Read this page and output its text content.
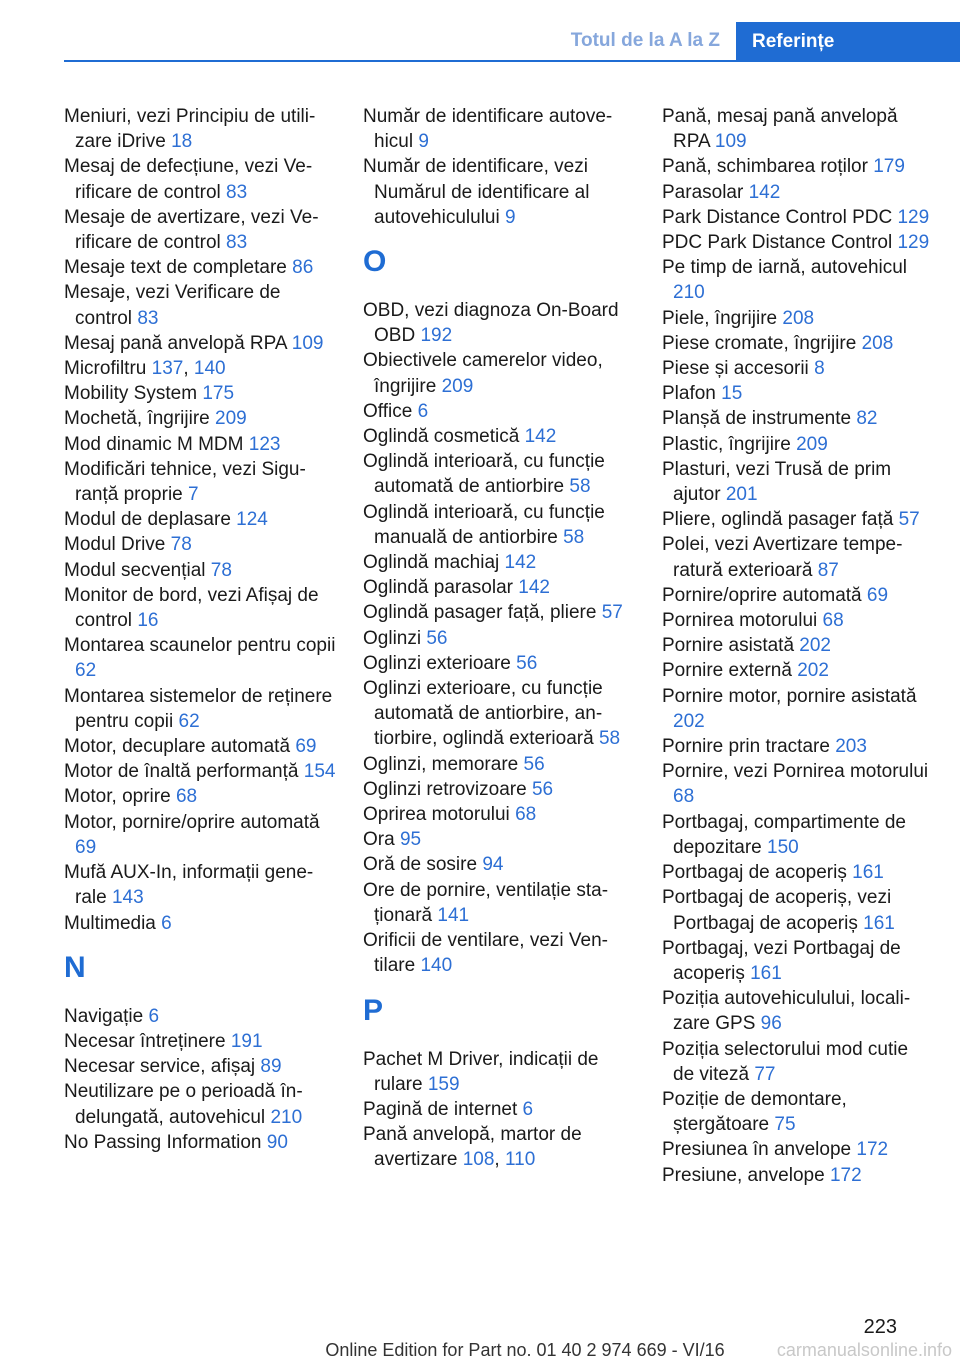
Totul de la A la Z	Referințe

Meniuri, vezi Principiu de utilizare iDrive 18

Mesaj de defecțiune, vezi Verificare de control 83

Mesaje de avertizare, vezi Verificare de control 83

Mesaje text de completare 86

Mesaje, vezi Verificare de control 83

Mesaj pană anvelopă RPA 109

Microfiltru 137, 140

Mobility System 175

Mochetă, îngrijire 209

Mod dinamic M MDM 123

Modificări tehnice, vezi Siguranță proprie 7

Modul de deplasare 124

Modul Drive 78

Modul secvențial 78

Monitor de bord, vezi Afișaj de control 16

Montarea scaunelor pentru copii 62

Montarea sistemelor de reținere pentru copii 62

Motor, decuplare automată 69

Motor de înaltă performanță 154

Motor, oprire 68

Motor, pornire/oprire automată 69

Mufă AUX-In, informații generale 143

Multimedia 6

N

Navigație 6

Necesar întreținere 191

Necesar service, afișaj 89

Neutilizare pe o perioadă îndelungată, autovehicul 210

No Passing Information 90

Număr de identificare autovehicul 9

Număr de identificare, vezi Numărul de identificare al autovehiculului 9

O

OBD, vezi diagnoza On-Board OBD 192

Obiectivele camerelor video, îngrijire 209

Office 6

Oglindă cosmetică 142

Oglindă interioară, cu funcție automată de antiorbire 58

Oglindă interioară, cu funcție manuală de antiorbire 58

Oglindă machiaj 142

Oglindă parasolar 142

Oglindă pasager față, pliere 57

Oglinzi 56

Oglinzi exterioare 56

Oglinzi exterioare, cu funcție automată de antiorbire, antiorbire, oglindă exterioară 58

Oglinzi, memorare 56

Oglinzi retrovizoare 56

Oprirea motorului 68

Ora 95

Oră de sosire 94

Ore de pornire, ventilație staționară 141

Orificii de ventilare, vezi Ventilare 140

P

Pachet M Driver, indicații de rulare 159

Pagină de internet 6

Pană anvelopă, martor de avertizare 108, 110

Pană, mesaj pană anvelopă RPA 109

Pană, schimbarea roților 179

Parasolar 142

Park Distance Control PDC 129

PDC Park Distance Control 129

Pe timp de iarnă, autovehicul 210

Piele, îngrijire 208

Piese cromate, îngrijire 208

Piese și accesorii 8

Plafon 15

Planșă de instrumente 82

Plastic, îngrijire 209

Plasturi, vezi Trusă de prim ajutor 201

Pliere, oglindă pasager față 57

Polei, vezi Avertizare temperatură exterioară 87

Pornire/oprire automată 69

Pornirea motorului 68

Pornire asistată 202

Pornire externă 202

Pornire motor, pornire asistată 202

Pornire prin tractare 203

Pornire, vezi Pornirea motorului 68

Portbagaj, compartimente de depozitare 150

Portbagaj de acoperiș 161

Portbagaj de acoperiș, vezi Portbagaj de acoperiș 161

Portbagaj, vezi Portbagaj de acoperiș 161

Poziția autovehiculului, localizare GPS 96

Poziția selectorului mod cutie de viteză 77

Poziție de demontare, ștergătoare 75

Presiunea în anvelope 172

Presiune, anvelope 172

223
Online Edition for Part no. 01 40 2 974 669 - VI/16	carmanualsonline.info
